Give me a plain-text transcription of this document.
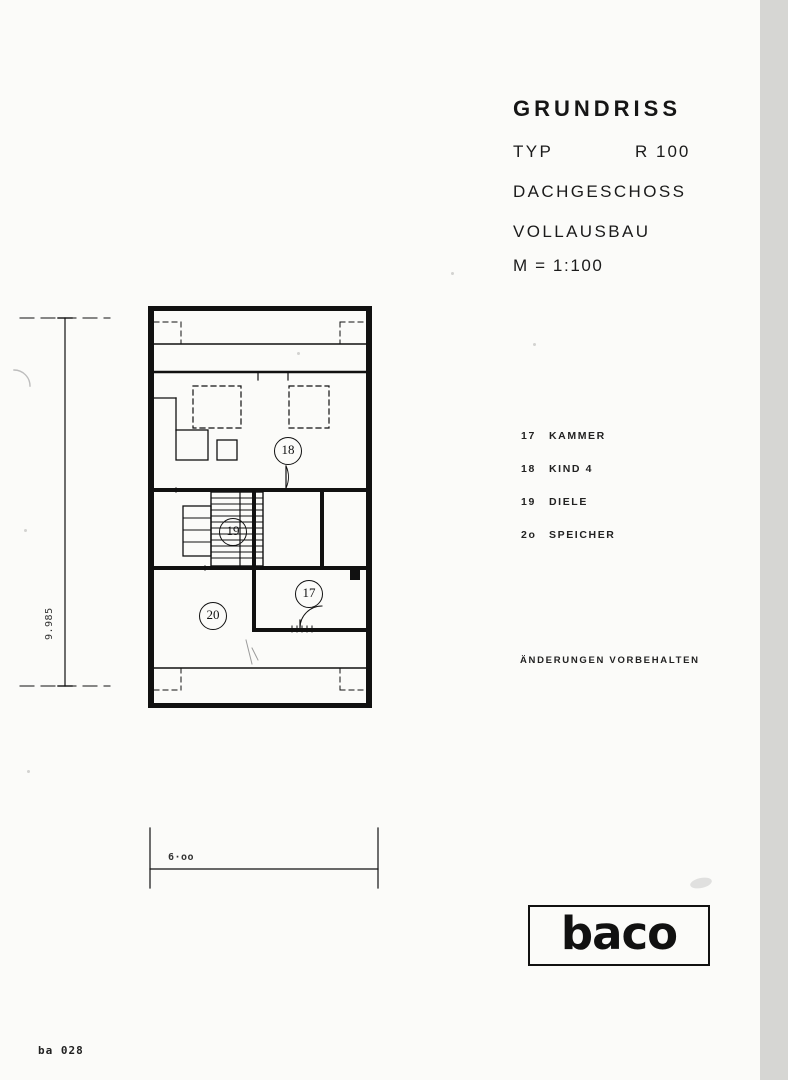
18
19
17
20
9.985
6·oo
GRUNDRISS
TYP	R 100
DACHGESCHOSS
VOLLAUSBAU
M = 1:100
17	KAMMER
18	KIND 4
19	DIELE
2o	SPEICHER
ÄNDERUNGEN VORBEHALTEN
baco
ba 028
